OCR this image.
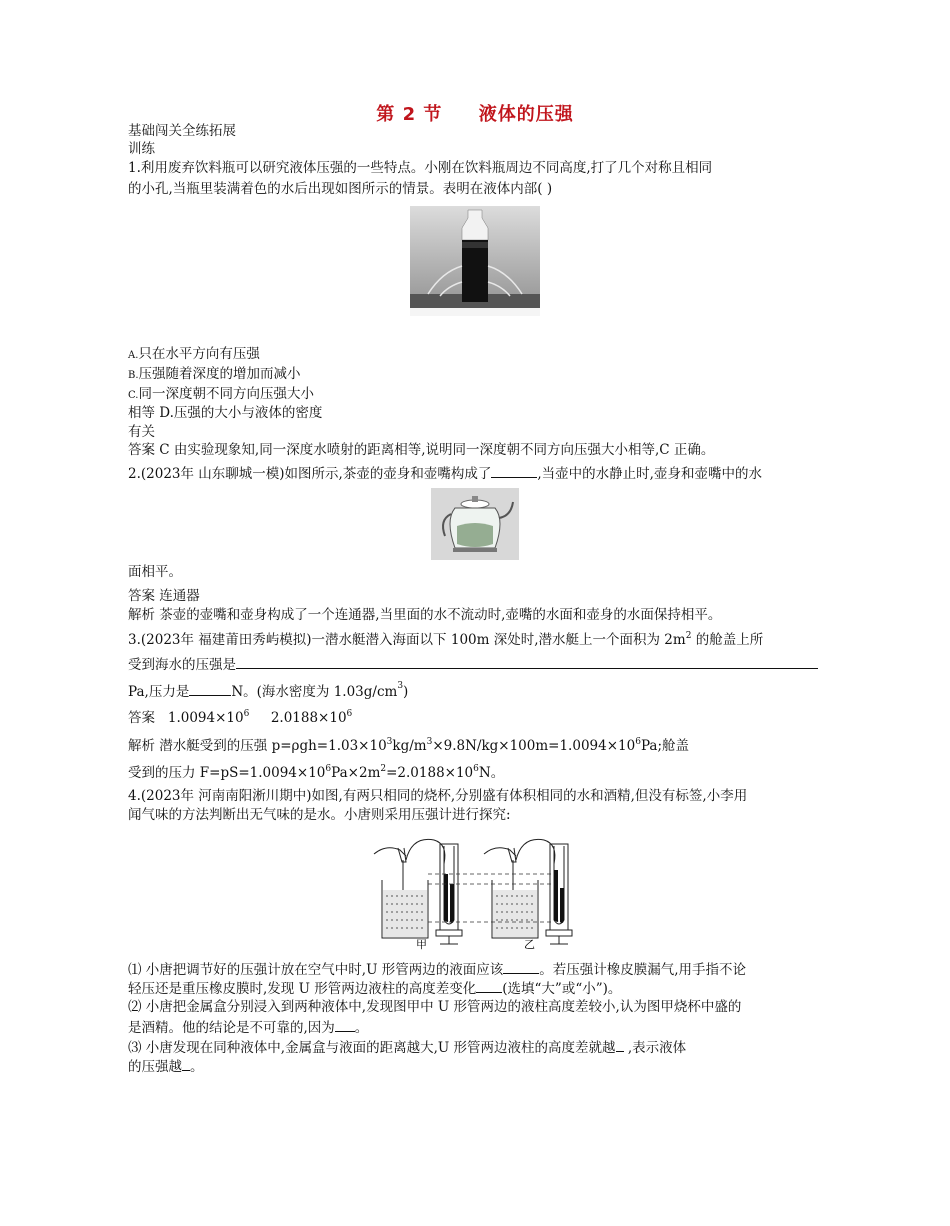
第 2 节 液体的压强
基础闯关全练拓展
训练
1.利用废弃饮料瓶可以研究液体压强的一些特点。小刚在饮料瓶周边不同高度,打了几个对称且相同
的小孔,当瓶里装满着色的水后出现如图所示的情景。表明在液体内部( )
A.只在水平方向有压强
B.压强随着深度的增加而减小
C.同一深度朝不同方向压强大小
相等 D.压强的大小与液体的密度
有关
答案 C 由实验现象知,同一深度水喷射的距离相等,说明同一深度朝不同方向压强大小相等,C 正确。
2.(2023年 山东聊城一模)如图所示,茶壶的壶身和壶嘴构成了	,当壶中的水静止时,壶身和壶嘴中的水
面相平。
答案 连通器
解析 茶壶的壶嘴和壶身构成了一个连通器,当里面的水不流动时,壶嘴的水面和壶身的水面保持相平。
3.(2023年 福建莆田秀屿模拟)一潜水艇潜入海面以下 100m 深处时,潜水艇上一个面积为 $2m^2$ 的舱盖上所
受到海水的压强是
Pa,压力是	N。(海水密度为 $1.03g/cm^3$)
答案 $1.0094\times 10^6$ $2.0188\times 10^6$
解析 潜水艇受到的压强 $p=\rho gh=1.03\times 10^3kg/m^3\times 9.8N/kg\times 100m=1.0094\times 10^6Pa$;舱盖
受到的压力 $F=pS=1.0094\times 10^6Pa\times 2m^2=2.0188\times 10^6N$。
4.(2023年 河南南阳淅川期中)如图,有两只相同的烧杯,分别盛有体积相同的水和酒精,但没有标签,小李用
闻气味的方法判断出无气味的是水。小唐则采用压强计进行探究:
甲	乙
⑴ 小唐把调节好的压强计放在空气中时,U 形管两边的液面应该	。若压强计橡皮膜漏气,用手指不论
轻压还是重压橡皮膜时,发现 U 形管两边液柱的高度差变化 (选填“大”或“小”)。
⑵ 小唐把金属盒分别浸入到两种液体中,发现图甲中 U 形管两边的液柱高度差较小,认为图甲烧杯中盛的
是酒精。他的结论是不可靠的,因为 。
⑶ 小唐发现在同种液体中,金属盒与液面的距离越大,U 形管两边液柱的高度差就越 ,表示液体
的压强越 。
